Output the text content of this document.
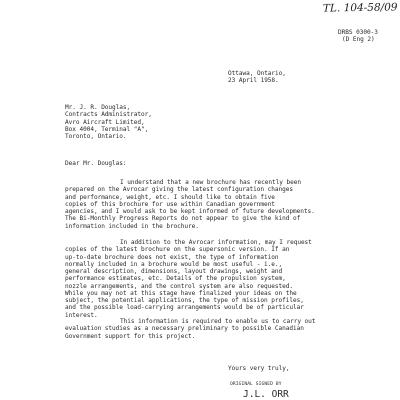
TL. 104-58/09
DRBS 0300-3
(D Eng 2)
Ottawa, Ontario,
23 April 1958.
Mr. J. R. Douglas,
Contracts Administrator,
Avro Aircraft Limited,
Box 4004, Terminal "A",
Toronto, Ontario.
Dear Mr. Douglas:
I understand that a new brochure has recently been
prepared on the Avrocar giving the latest configuration changes
and performance, weight, etc. I should like to obtain five
copies of this brochure for use within Canadian government
agencies, and I would ask to be kept informed of future developments.
The Bi-Monthly Progress Reports do not appear to give the kind of
information included in the brochure.
In addition to the Avrocar information, may I request
copies of the latest brochure on the supersonic version. If an
up-to-date brochure does not exist, the type of information
normally included in a brochure would be most useful - i.e.,
general description, dimensions, layout drawings, weight and
performance estimates, etc. Details of the propulsion system,
nozzle arrangements, and the control system are also requested.
While you may not at this stage have finalized your ideas on the
subject, the potential applications, the type of mission profiles,
and the possible load-carrying arrangements would be of particular
interest.
This information is required to enable us to carry out
evaluation studies as a necessary preliminary to possible Canadian
Government support for this project.
Yours very truly,
ORIGINAL SIGNED BY
J.L. ORR
